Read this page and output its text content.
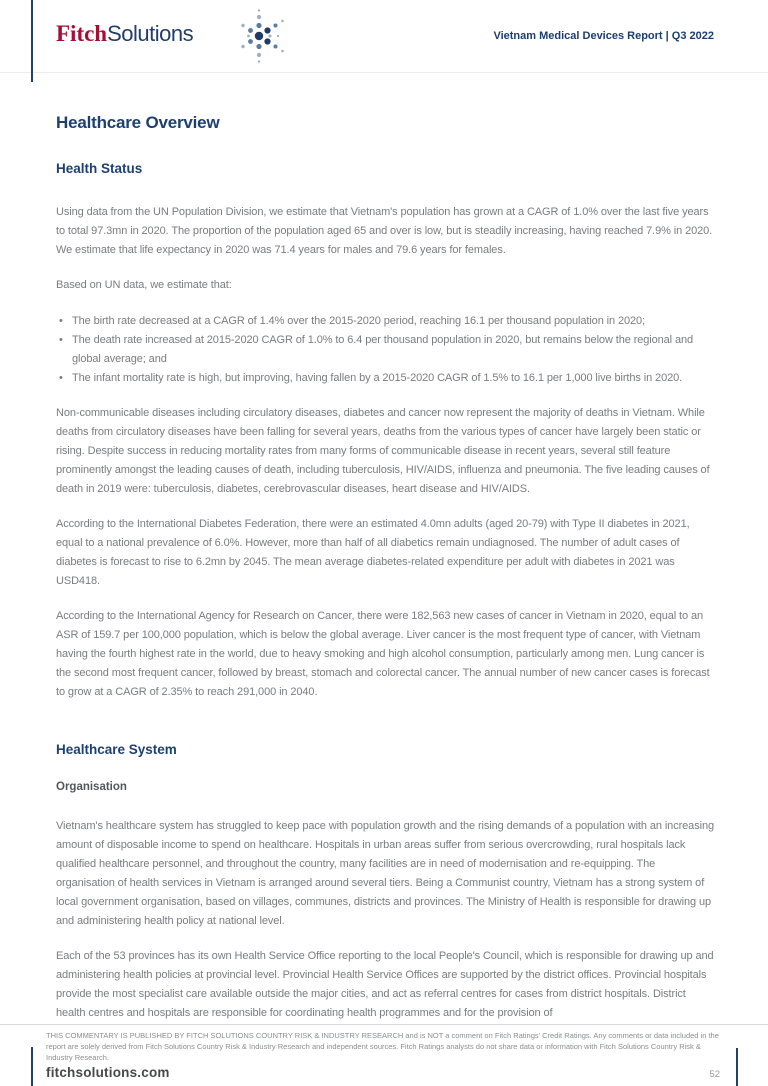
Fitch Solutions	Vietnam Medical Devices Report | Q3 2022
Healthcare Overview
Health Status

Using data from the UN Population Division, we estimate that Vietnam's population has grown at a CAGR of 1.0% over the last five years to total 97.3mn in 2020. The proportion of the population aged 65 and over is low, but is steadily increasing, having reached 7.9% in 2020. We estimate that life expectancy in 2020 was 71.4 years for males and 79.6 years for females.

Based on UN data, we estimate that:

• The birth rate decreased at a CAGR of 1.4% over the 2015-2020 period, reaching 16.1 per thousand population in 2020;
• The death rate increased at 2015-2020 CAGR of 1.0% to 6.4 per thousand population in 2020, but remains below the regional and global average; and
• The infant mortality rate is high, but improving, having fallen by a 2015-2020 CAGR of 1.5% to 16.1 per 1,000 live births in 2020.

Non-communicable diseases including circulatory diseases, diabetes and cancer now represent the majority of deaths in Vietnam. While deaths from circulatory diseases have been falling for several years, deaths from the various types of cancer have largely been static or rising. Despite success in reducing mortality rates from many forms of communicable disease in recent years, several still feature prominently amongst the leading causes of death, including tuberculosis, HIV/AIDS, influenza and pneumonia. The five leading causes of death in 2019 were: tuberculosis, diabetes, cerebrovascular diseases, heart disease and HIV/AIDS.

According to the International Diabetes Federation, there were an estimated 4.0mn adults (aged 20-79) with Type II diabetes in 2021, equal to a national prevalence of 6.0%. However, more than half of all diabetics remain undiagnosed. The number of adult cases of diabetes is forecast to rise to 6.2mn by 2045. The mean average diabetes-related expenditure per adult with diabetes in 2021 was USD418.

According to the International Agency for Research on Cancer, there were 182,563 new cases of cancer in Vietnam in 2020, equal to an ASR of 159.7 per 100,000 population, which is below the global average. Liver cancer is the most frequent type of cancer, with Vietnam having the fourth highest rate in the world, due to heavy smoking and high alcohol consumption, particularly among men. Lung cancer is the second most frequent cancer, followed by breast, stomach and colorectal cancer. The annual number of new cancer cases is forecast to grow at a CAGR of 2.35% to reach 291,000 in 2040.

Healthcare System
Organisation

Vietnam's healthcare system has struggled to keep pace with population growth and the rising demands of a population with an increasing amount of disposable income to spend on healthcare. Hospitals in urban areas suffer from serious overcrowding, rural hospitals lack qualified healthcare personnel, and throughout the country, many facilities are in need of modernisation and re-equipping. The organisation of health services in Vietnam is arranged around several tiers. Being a Communist country, Vietnam has a strong system of local government organisation, based on villages, communes, districts and provinces. The Ministry of Health is responsible for drawing up and administering health policy at national level.

Each of the 53 provinces has its own Health Service Office reporting to the local People's Council, which is responsible for drawing up and administering health policies at provincial level. Provincial Health Service Offices are supported by the district offices. Provincial hospitals provide the most specialist care available outside the major cities, and act as referral centres for cases from district hospitals. District health centres and hospitals are responsible for coordinating health programmes and for the provision of

THIS COMMENTARY IS PUBLISHED BY FITCH SOLUTIONS COUNTRY RISK & INDUSTRY RESEARCH and is NOT a comment on Fitch Ratings' Credit Ratings. Any comments or data included in the report are solely derived from Fitch Solutions Country Risk & Industry Research and independent sources. Fitch Ratings analysts do not share data or information with Fitch Solutions Country Risk & Industry Research.
fitchsolutions.com	52
